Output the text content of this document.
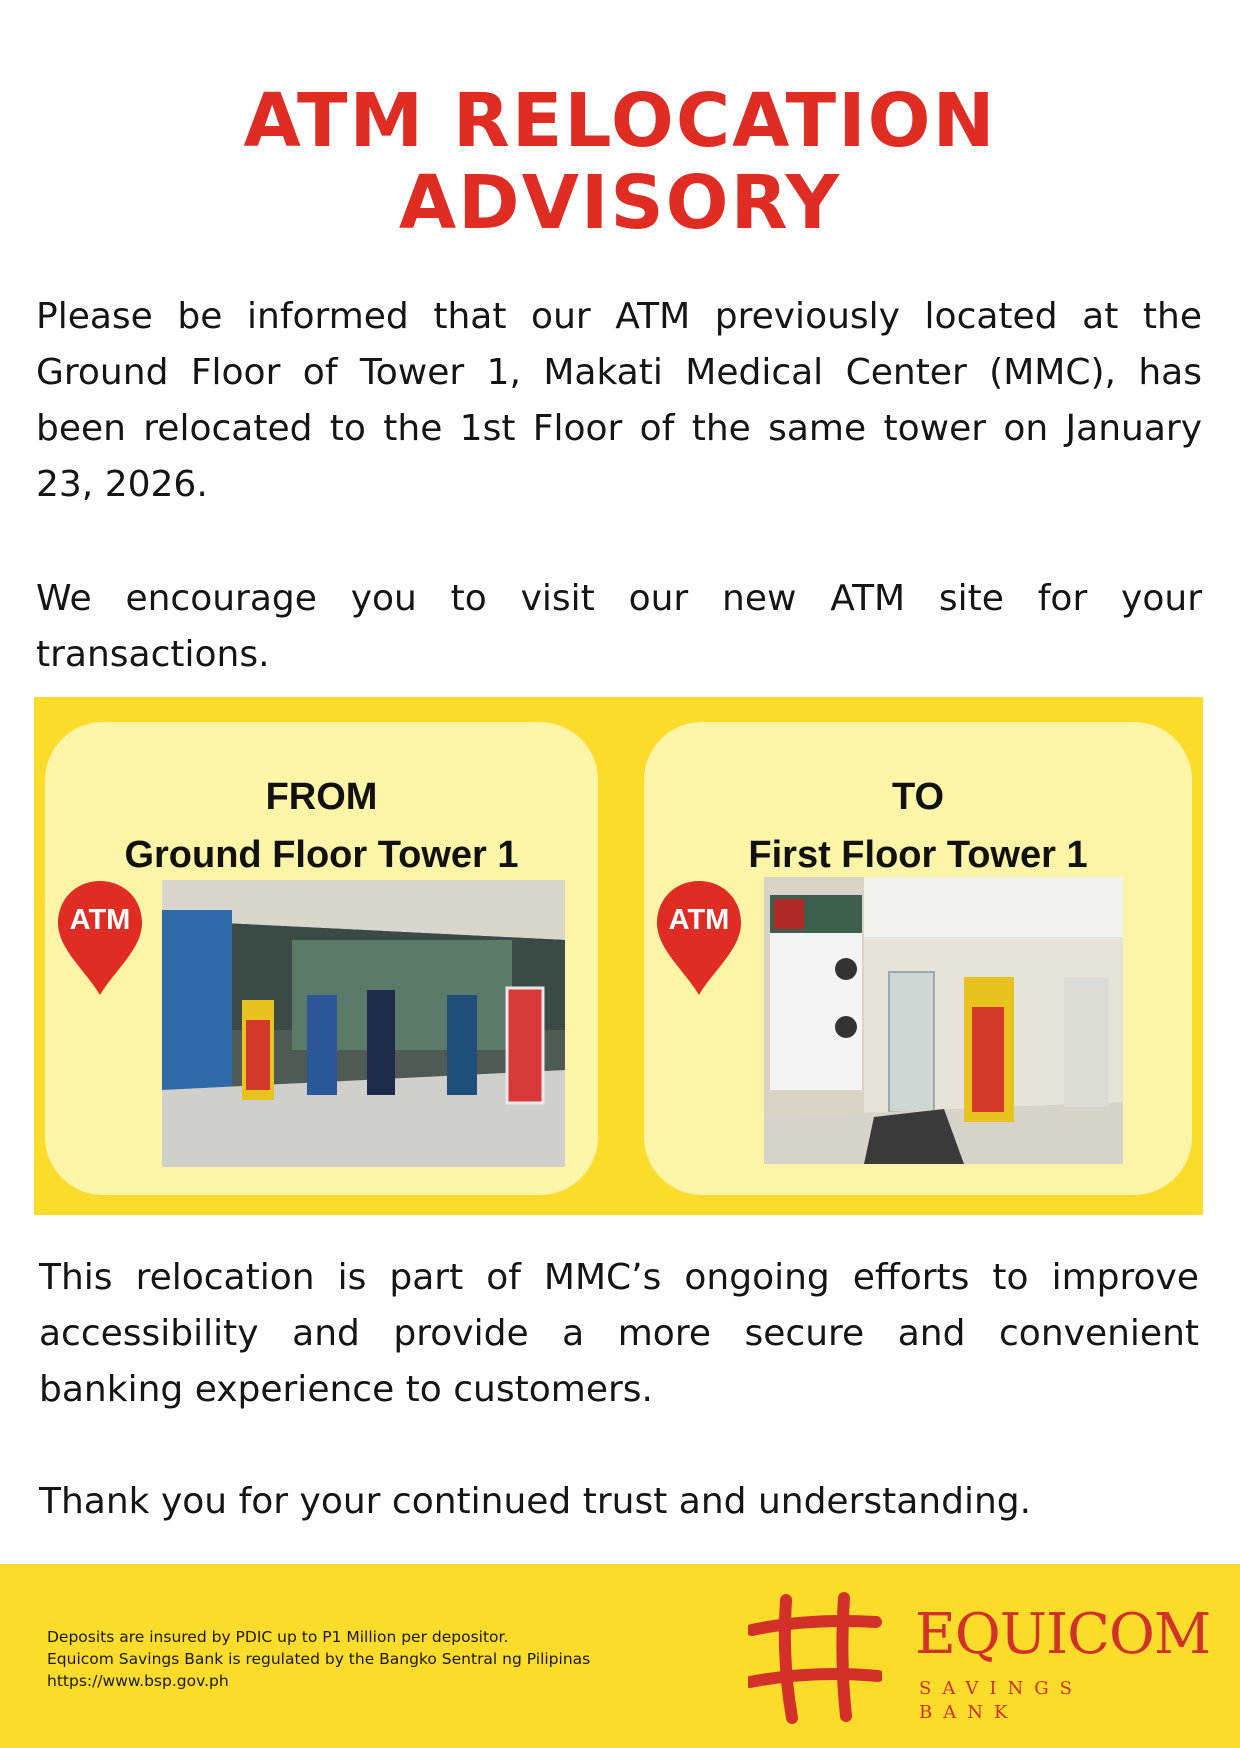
ATM RELOCATION
ADVISORY

Please be informed that our ATM previously located at the Ground Floor of Tower 1, Makati Medical Center (MMC), has been relocated to the 1st Floor of the same tower on January 23, 2026.

We encourage you to visit our new ATM site for your transactions.

FROM
Ground Floor Tower 1
ATM
TO
First Floor Tower 1
ATM

This relocation is part of MMC’s ongoing efforts to improve accessibility and provide a more secure and convenient banking experience to customers.

Thank you for your continued trust and understanding.

Deposits are insured by PDIC up to P1 Million per depositor.
Equicom Savings Bank is regulated by the Bangko Sentral ng Pilipinas
https://www.bsp.gov.ph
EQUICOM
SAVINGS BANK
